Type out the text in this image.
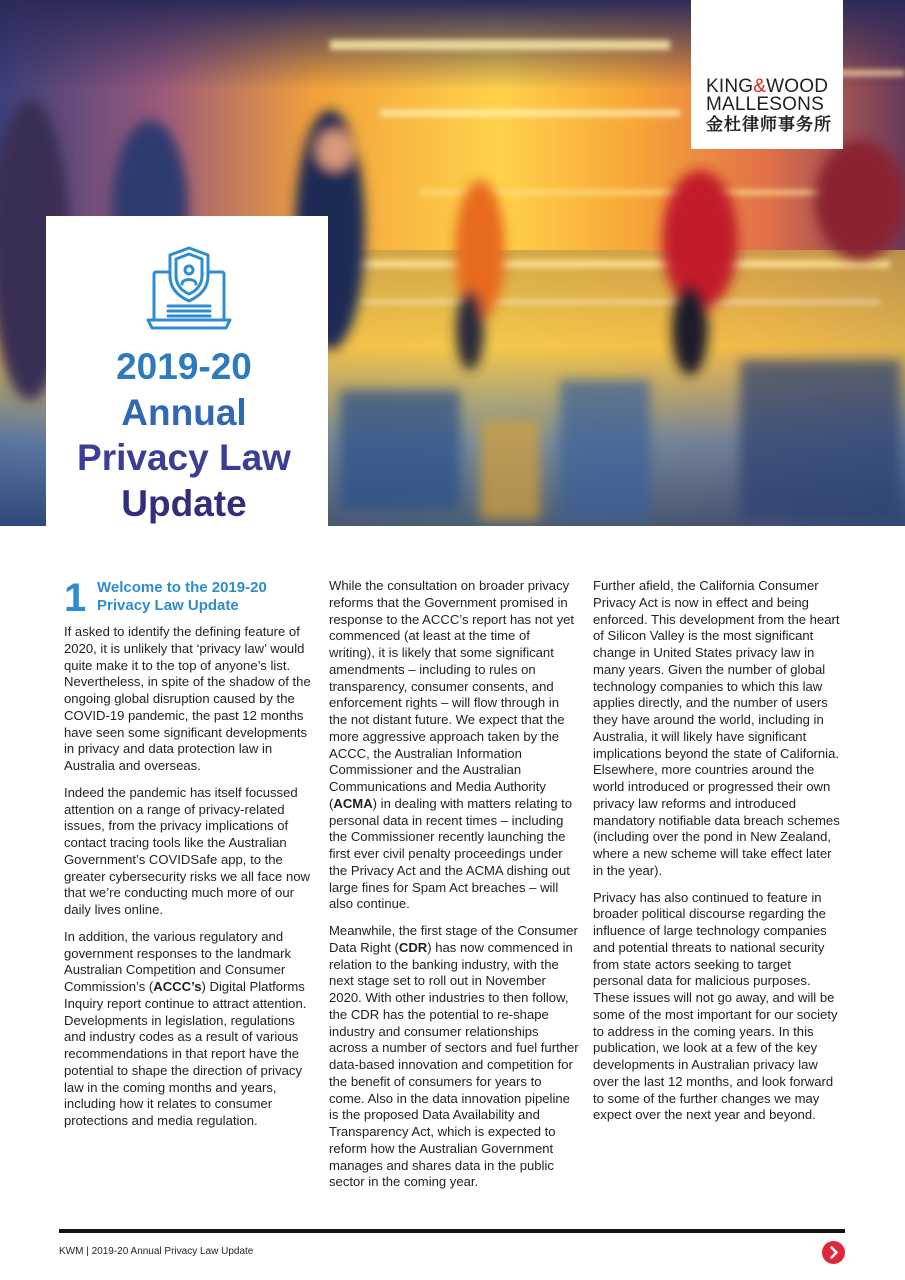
KING&WOOD
MALLESONS
金杜律师事务所
2019-20
Annual
Privacy Law
Update
1 Welcome to the 2019-20 Privacy Law Update

If asked to identify the defining feature of 2020, it is unlikely that ‘privacy law’ would quite make it to the top of anyone’s list. Nevertheless, in spite of the shadow of the ongoing global disruption caused by the COVID-19 pandemic, the past 12 months have seen some significant developments in privacy and data protection law in Australia and overseas.

Indeed the pandemic has itself focussed attention on a range of privacy-related issues, from the privacy implications of contact tracing tools like the Australian Government’s COVIDSafe app, to the greater cybersecurity risks we all face now that we’re conducting much more of our daily lives online.

In addition, the various regulatory and government responses to the landmark Australian Competition and Consumer Commission’s (ACCC’s) Digital Platforms Inquiry report continue to attract attention. Developments in legislation, regulations and industry codes as a result of various recommendations in that report have the potential to shape the direction of privacy law in the coming months and years, including how it relates to consumer protections and media regulation.

While the consultation on broader privacy reforms that the Government promised in response to the ACCC’s report has not yet commenced (at least at the time of writing), it is likely that some significant amendments – including to rules on transparency, consumer consents, and enforcement rights – will flow through in the not distant future. We expect that the more aggressive approach taken by the ACCC, the Australian Information Commissioner and the Australian Communications and Media Authority (ACMA) in dealing with matters relating to personal data in recent times – including the Commissioner recently launching the first ever civil penalty proceedings under the Privacy Act and the ACMA dishing out large fines for Spam Act breaches – will also continue.

Meanwhile, the first stage of the Consumer Data Right (CDR) has now commenced in relation to the banking industry, with the next stage set to roll out in November 2020. With other industries to then follow, the CDR has the potential to re-shape industry and consumer relationships across a number of sectors and fuel further data-based innovation and competition for the benefit of consumers for years to come. Also in the data innovation pipeline is the proposed Data Availability and Transparency Act, which is expected to reform how the Australian Government manages and shares data in the public sector in the coming year.

Further afield, the California Consumer Privacy Act is now in effect and being enforced. This development from the heart of Silicon Valley is the most significant change in United States privacy law in many years. Given the number of global technology companies to which this law applies directly, and the number of users they have around the world, including in Australia, it will likely have significant implications beyond the state of California. Elsewhere, more countries around the world introduced or progressed their own privacy law reforms and introduced mandatory notifiable data breach schemes (including over the pond in New Zealand, where a new scheme will take effect later in the year).

Privacy has also continued to feature in broader political discourse regarding the influence of large technology companies and potential threats to national security from state actors seeking to target personal data for malicious purposes. These issues will not go away, and will be some of the most important for our society to address in the coming years. In this publication, we look at a few of the key developments in Australian privacy law over the last 12 months, and look forward to some of the further changes we may expect over the next year and beyond.

KWM | 2019-20 Annual Privacy Law Update
